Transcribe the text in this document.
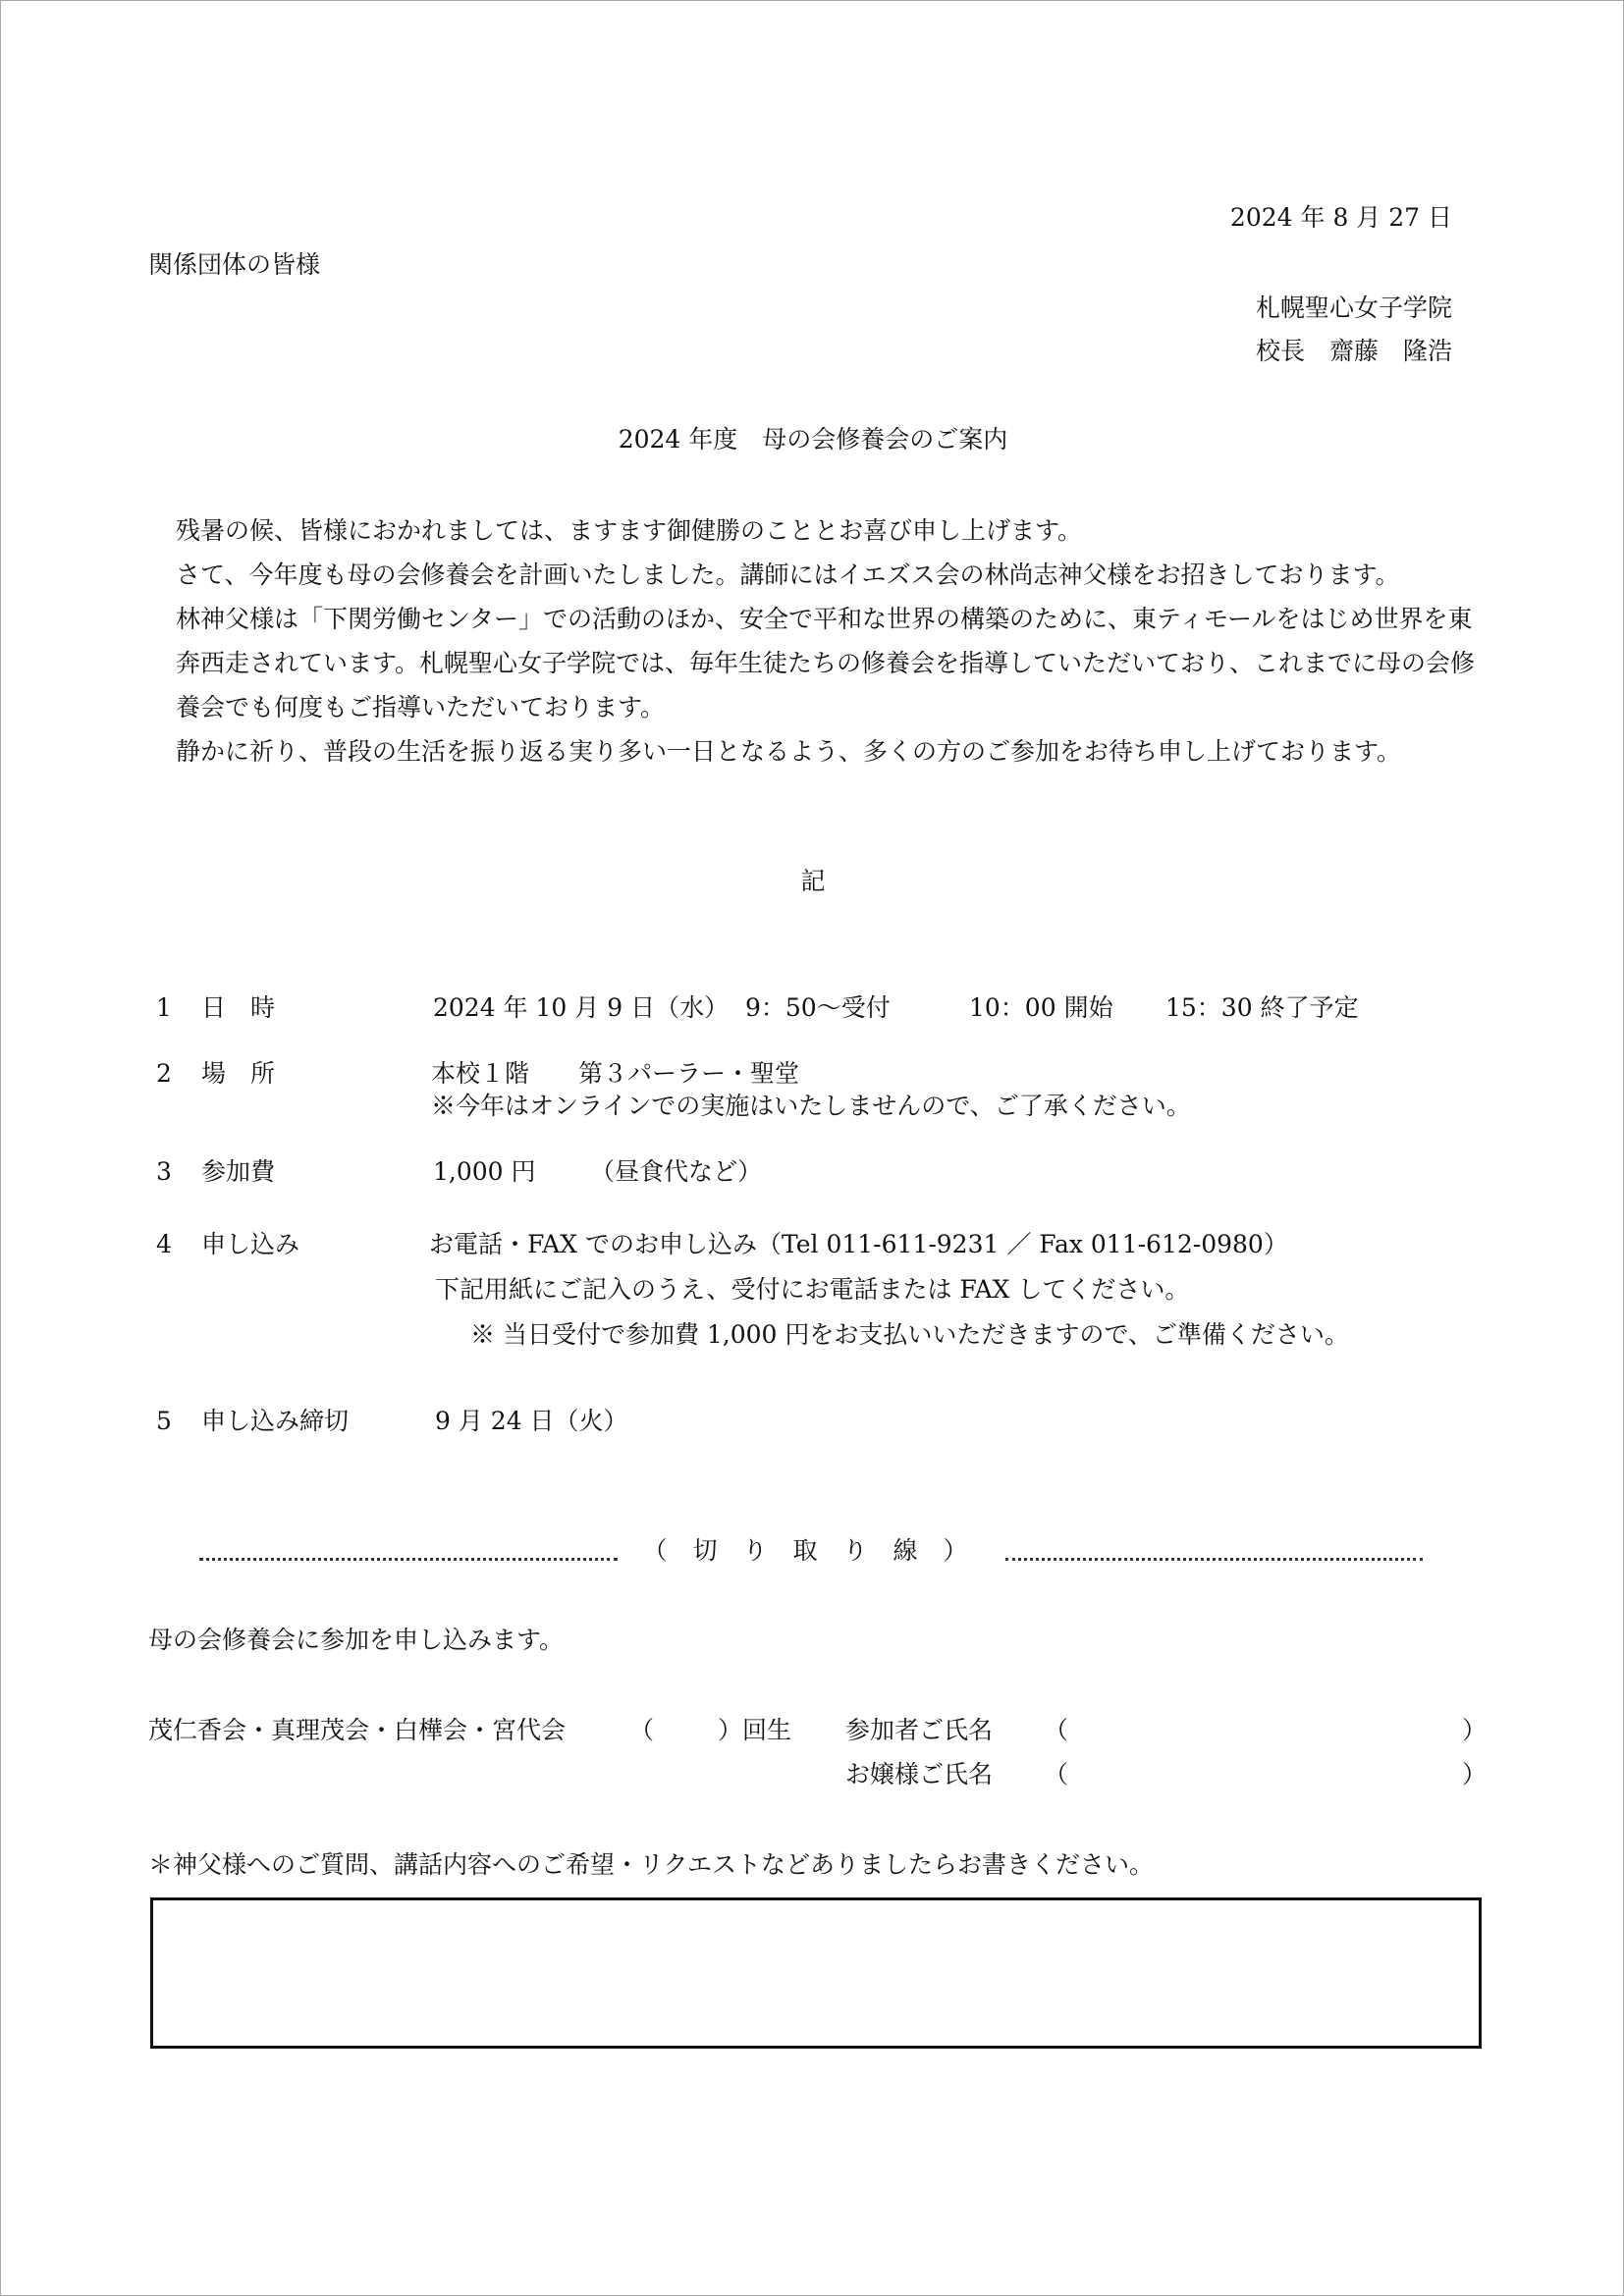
2024 年 8 月 27 日
関係団体の皆様
札幌聖心女子学院
校長　齋藤　隆浩
2024 年度　母の会修養会のご案内

残暑の候、皆様におかれましては、ますます御健勝のこととお喜び申し上げます。

さて、今年度も母の会修養会を計画いたしました。講師にはイエズス会の林尚志神父様をお招きしております。

林神父様は「下関労働センター」での活動のほか、安全で平和な世界の構築のために、東ティモールをはじめ世界を東奔西走されています。札幌聖心女子学院では、毎年生徒たちの修養会を指導していただいており、これまでに母の会修養会でも何度もご指導いただいております。

静かに祈り、普段の生活を振り返る実り多い一日となるよう、多くの方のご参加をお待ち申し上げております。

記
1	日　時	2024 年 10 月 9 日（水） 9：50～受付	10：00 開始 15：30 終了予定
2	場　所	本校１階　　第３パーラー・聖堂
※今年はオンラインでの実施はいたしませんので、ご了承ください。
3	参加費	1,000 円 （昼食代など）
4	申し込み	お電話・FAX でのお申し込み（Tel 011-611-9231 ／ Fax 011-612-0980）
下記用紙にご記入のうえ、受付にお電話または FAX してください。
※ 当日受付で参加費 1,000 円をお支払いいただきますので、ご準備ください。
5	申し込み締切	9 月 24 日（火）
（切り取り線）
母の会修養会に参加を申し込みます。
茂仁香会・真理茂会・白樺会・宮代会	（	）回生 参加者ご氏名 （	）
お嬢様ご氏名 （	）
＊神父様へのご質問、講話内容へのご希望・リクエストなどありましたらお書きください。
